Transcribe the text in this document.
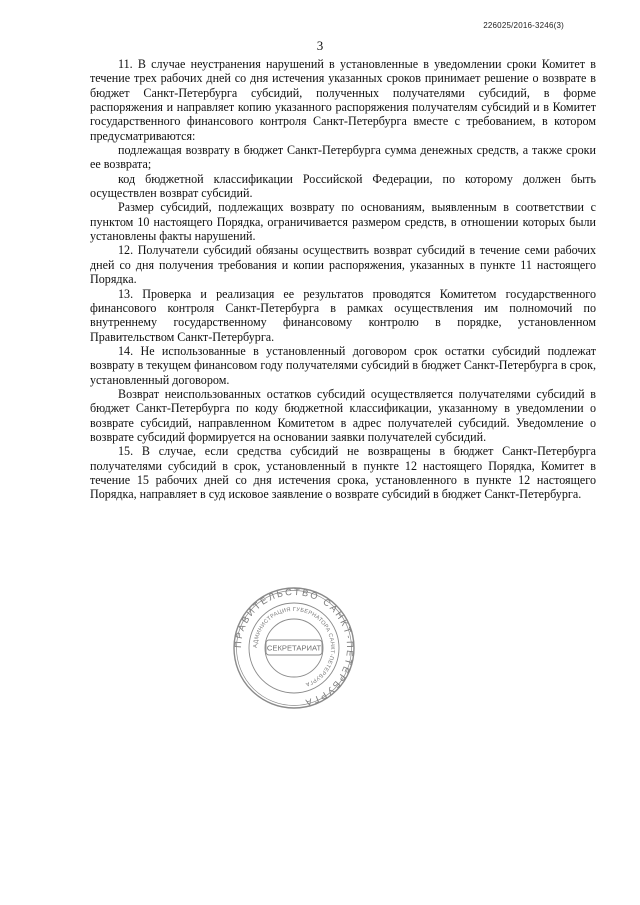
226025/2016-3246(3)
3

11. В случае неустранения нарушений в установленные в уведомлении сроки Комитет в течение трех рабочих дней со дня истечения указанных сроков принимает решение о возврате в бюджет Санкт-Петербурга субсидий, полученных получателями субсидий, в форме распоряжения и направляет копию указанного распоряжения получателям субсидий и в Комитет государственного финансового контроля Санкт-Петербурга вместе с требованием, в котором предусматриваются:

подлежащая возврату в бюджет Санкт-Петербурга сумма денежных средств, а также сроки ее возврата;

код бюджетной классификации Российской Федерации, по которому должен быть осуществлен возврат субсидий.

Размер субсидий, подлежащих возврату по основаниям, выявленным в соответствии с пунктом 10 настоящего Порядка, ограничивается размером средств, в отношении которых были установлены факты нарушений.

12. Получатели субсидий обязаны осуществить возврат субсидий в течение семи рабочих дней со дня получения требования и копии распоряжения, указанных в пункте 11 настоящего Порядка.

13. Проверка и реализация ее результатов проводятся Комитетом государственного финансового контроля Санкт-Петербурга в рамках осуществления им полномочий по внутреннему государственному финансовому контролю в порядке, установленном Правительством Санкт-Петербурга.

14. Не использованные в установленный договором срок остатки субсидий подлежат возврату в текущем финансовом году получателями субсидий в бюджет Санкт-Петербурга в срок, установленный договором.

Возврат неиспользованных остатков субсидий осуществляется получателями субсидий в бюджет Санкт-Петербурга по коду бюджетной классификации, указанному в уведомлении о возврате субсидий, направленном Комитетом в адрес получателей субсидий. Уведомление о возврате субсидий формируется на основании заявки получателей субсидий.

15. В случае, если средства субсидий не возвращены в бюджет Санкт-Петербурга получателями субсидий в срок, установленный в пункте 12 настоящего Порядка, Комитет в течение 15 рабочих дней со дня истечения срока, установленного в пункте 12 настоящего Порядка, направляет в суд исковое заявление о возврате субсидий в бюджет Санкт-Петербурга.

ПРАВИТЕЛЬСТВО САНКТ-ПЕТЕРБУРГА
АДМИНИСТРАЦИЯ ГУБЕРНАТОРА САНКТ-ПЕТЕРБУРГА
СЕКРЕТАРИАТ
